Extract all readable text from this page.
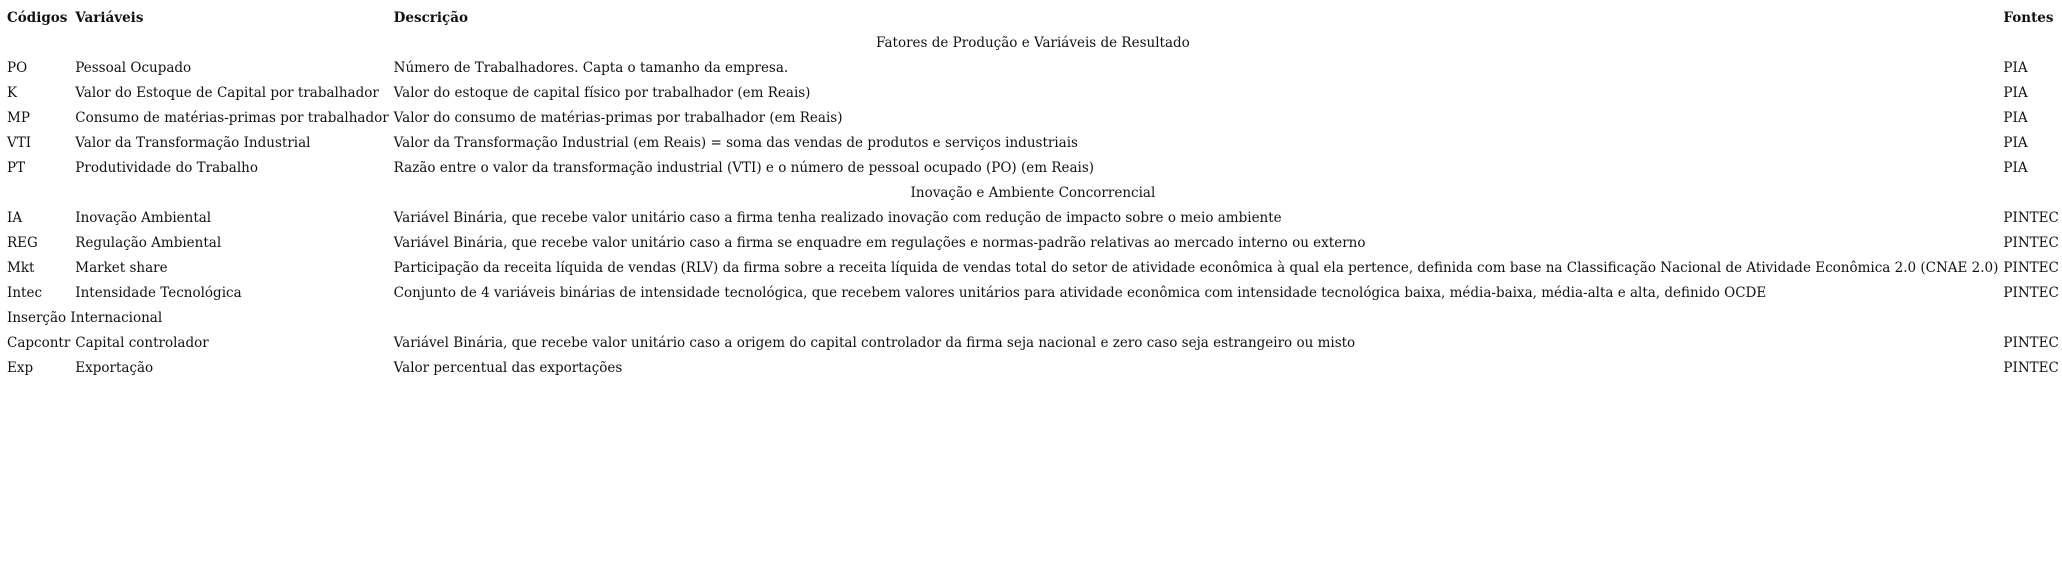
Códigos	Variáveis	Descrição	Fontes
Fatores de Produção e Variáveis de Resultado			
PO	Pessoal Ocupado	Número de Trabalhadores. Capta o tamanho da empresa.	PIA
K	Valor do Estoque de Capital por trabalhador	Valor do estoque de capital físico por trabalhador (em Reais)	PIA
MP	Consumo de matérias-primas por trabalhador	Valor do consumo de matérias-primas por trabalhador (em Reais)	PIA
VTI	Valor da Transformação Industrial	Valor da Transformação Industrial (em Reais) = soma das vendas de produtos e serviços industriais	PIA
PT	Produtividade do Trabalho	Razão entre o valor da transformação industrial (VTI) e o número de pessoal ocupado (PO) (em Reais)	PIA
Inovação e Ambiente Concorrencial			
IA	Inovação Ambiental	Variável Binária, que recebe valor unitário caso a firma tenha realizado inovação com redução de impacto sobre o meio ambiente	PINTEC
REG	Regulação Ambiental	Variável Binária, que recebe valor unitário caso a firma se enquadre em regulações e normas-padrão relativas ao mercado interno ou externo	PINTEC
Mkt	Market share	Participação da receita líquida de vendas (RLV) da firma sobre a receita líquida de vendas total do setor de atividade econômica à qual ela pertence, definida com base na Classificação Nacional de Atividade Econômica 2.0 (CNAE 2.0)	PINTEC
Intec	Intensidade Tecnológica	Conjunto de 4 variáveis binárias de intensidade tecnológica, que recebem valores unitários para atividade econômica com intensidade tecnológica baixa, média-baixa, média-alta e alta, definido OCDE	PINTEC
Inserção Internacional			
Capcontr	Capital controlador	Variável Binária, que recebe valor unitário caso a origem do capital controlador da firma seja nacional e zero caso seja estrangeiro ou misto	PINTEC
Exp	Exportação	Valor percentual das exportações	PINTEC
